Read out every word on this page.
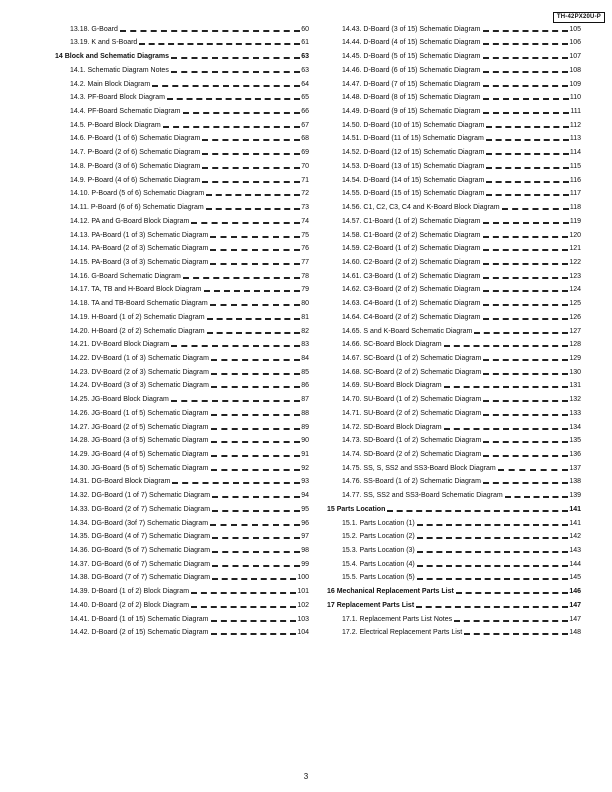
TH-42PX20U-P
13.18. G-Board	60
13.19. K and S-Board	61
14 Block and Schematic Diagrams	63
14.1. Schematic Diagram Notes	63
14.2. Main Block Diagram	64
14.3. PF-Board Block Diagram	65
14.4. PF-Board Schematic Diagram	66
14.5. P-Board Block Diagram	67
14.6. P-Board (1 of 6) Schematic Diagram	68
14.7. P-Board (2 of 6) Schematic Diagram	69
14.8. P-Board (3 of 6) Schematic Diagram	70
14.9. P-Board (4 of 6) Schematic Diagram	71
14.10. P-Board (5 of 6) Schematic Diagram	72
14.11. P-Board (6 of 6) Schematic Diagram	73
14.12. PA and G-Board Block Diagram	74
14.13. PA-Board (1 of 3) Schematic Diagram	75
14.14. PA-Board (2 of 3) Schematic Diagram	76
14.15. PA-Board (3 of 3) Schematic Diagram	77
14.16. G-Board Schematic Diagram	78
14.17. TA, TB and H-Board Block Diagram	79
14.18. TA and TB-Board Schematic Diagram	80
14.19. H-Board (1 of 2) Schematic Diagram	81
14.20. H-Board (2 of 2) Schematic Diagram	82
14.21. DV-Board Block Diagram	83
14.22. DV-Board (1 of 3) Schematic Diagram	84
14.23. DV-Board (2 of 3) Schematic Diagram	85
14.24. DV-Board (3 of 3) Schematic Diagram	86
14.25. JG-Board Block Diagram	87
14.26. JG-Board (1 of 5) Schematic Diagram	88
14.27. JG-Board (2 of 5) Schematic Diagram	89
14.28. JG-Board (3 of 5) Schematic Diagram	90
14.29. JG-Board (4 of 5) Schematic Diagram	91
14.30. JG-Board (5 of 5) Schematic Diagram	92
14.31. DG-Board Block Diagram	93
14.32. DG-Board (1 of 7) Schematic Diagram	94
14.33. DG-Board (2 of 7) Schematic Diagram	95
14.34. DG-Board (3of 7) Schematic Diagram	96
14.35. DG-Board (4 of 7) Schematic Diagram	97
14.36. DG-Board (5 of 7) Schematic Diagram	98
14.37. DG-Board (6 of 7) Schematic Diagram	99
14.38. DG-Board (7 of 7) Schematic Diagram	100
14.39. D-Board (1 of 2) Block Diagram	101
14.40. D-Board (2 of 2) Block Diagram	102
14.41. D-Board (1 of 15) Schematic Diagram	103
14.42. D-Board (2 of 15) Schematic Diagram	104
14.43. D-Board (3 of 15) Schematic Diagram	105
14.44. D-Board (4 of 15) Schematic Diagram	106
14.45. D-Board (5 of 15) Schematic Diagram	107
14.46. D-Board (6 of 15) Schematic Diagram	108
14.47. D-Board (7 of 15) Schematic Diagram	109
14.48. D-Board (8 of 15) Schematic Diagram	110
14.49. D-Board (9 of 15) Schematic Diagram	111
14.50. D-Board (10 of 15) Schematic Diagram	112
14.51. D-Board (11 of 15) Schematic Diagram	113
14.52. D-Board (12 of 15) Schematic Diagram	114
14.53. D-Board (13 of 15) Schematic Diagram	115
14.54. D-Board (14 of 15) Schematic Diagram	116
14.55. D-Board (15 of 15) Schematic Diagram	117
14.56. C1, C2, C3, C4 and K-Board Block Diagram	118
14.57. C1-Board (1 of 2) Schematic Diagram	119
14.58. C1-Board (2 of 2) Schematic Diagram	120
14.59. C2-Board (1 of 2) Schematic Diagram	121
14.60. C2-Board (2 of 2) Schematic Diagram	122
14.61. C3-Board (1 of 2) Schematic Diagram	123
14.62. C3-Board (2 of 2) Schematic Diagram	124
14.63. C4-Board (1 of 2) Schematic Diagram	125
14.64. C4-Board (2 of 2) Schematic Diagram	126
14.65. S and K-Board Schematic Diagram	127
14.66. SC-Board Block Diagram	128
14.67. SC-Board (1 of 2) Schematic Diagram	129
14.68. SC-Board (2 of 2) Schematic Diagram	130
14.69. SU-Board Block Diagram	131
14.70. SU-Board (1 of 2) Schematic Diagram	132
14.71. SU-Board (2 of 2) Schematic Diagram	133
14.72. SD-Board Block Diagram	134
14.73. SD-Board (1 of 2) Schematic Diagram	135
14.74. SD-Board (2 of 2) Schematic Diagram	136
14.75. SS, S, SS2 and SS3-Board Block Diagram	137
14.76. SS-Board (1 of 2) Schematic Diagram	138
14.77. SS, SS2 and SS3-Board Schematic Diagram	139
15 Parts Location	141
15.1. Parts Location (1)	141
15.2. Parts Location (2)	142
15.3. Parts Location (3)	143
15.4. Parts Location (4)	144
15.5. Parts Location (5)	145
16 Mechanical Replacement Parts List	146
17 Replacement Parts List	147
17.1. Replacement Parts List Notes	147
17.2. Electrical Replacement Parts List	148
3
